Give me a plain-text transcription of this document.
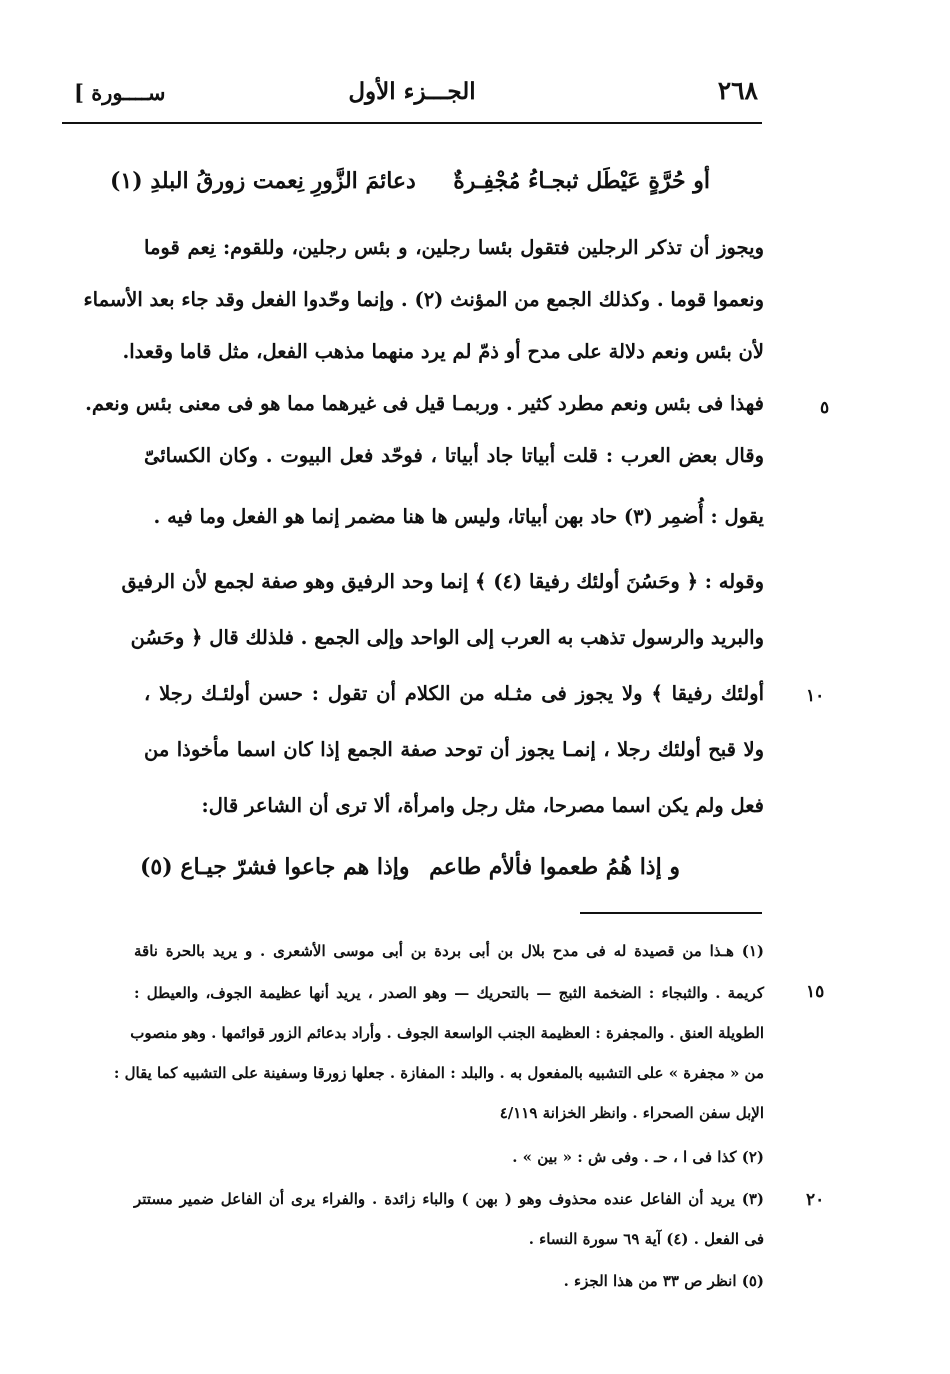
٢٦٨
الجـــزء الأول
[ ســــورة
أو حُرَّةٍ عَيْطَل ثبجـاءُ مُجْفِـرةٌ
دعائمَ الزَّورِ نِعمت زورقُ البلدِ (١)
ويجوز أن تذكر الرجلين فتقول بئسا رجلين، و بئس رجلين، وللقوم: نِعم قوما
ونعموا قوما . وكذلك الجمع من المؤنث (٢) . وإنما وحّدوا الفعل وقد جاء بعد الأسماء
لأن بئس ونعم دلالة على مدح أو ذمّ لم يرد منهما مذهب الفعل، مثل قاما وقعدا.
فهذا فى بئس ونعم مطرد كثير . وربمـا قيل فى غيرهما مما هو فى معنى بئس ونعم.
وقال بعض العرب : قلت أبياتا جاد أبياتا ، فوحّد فعل البيوت . وكان الكسائىّ
يقول : أُضمِر (٣) حاد بهن أبياتا، وليس ها هنا مضمر إنما هو الفعل وما فيه .
وقوله : ﴿ وحَسُنَ أولئك رفيقا (٤) ﴾ إنما وحد الرفيق وهو صفة لجمع لأن الرفيق
والبريد والرسول تذهب به العرب إلى الواحد وإلى الجمع . فلذلك قال ﴿ وحَسُن
أولئك رفيقا ﴾ ولا يجوز فى مثـله من الكلام أن تقول : حسن أولئـك رجلا ،
ولا قبح أولئك رجلا ، إنمـا يجوز أن توحد صفة الجمع إذا كان اسما مأخوذا من
فعل ولم يكن اسما مصرحا، مثل رجل وامرأة، ألا ترى أن الشاعر قال:
و إذا هُمُ طعموا فألأم طاعم
وإذا هم جاعوا فشرّ جيـاع (٥)
٥
١٠
١٥
٢٠
(١) هـذا من قصيدة له فى مدح بلال بن أبى بردة بن أبى موسى الأشعرى . و يريد بالحرة ناقة
كريمة . والثبجاء : الضخمة الثبج — بالتحريك — وهو الصدر ، يريد أنها عظيمة الجوف، والعيطل :
الطويلة العنق . والمجفرة : العظيمة الجنب الواسعة الجوف . وأراد بدعائم الزور قوائمها . وهو منصوب
من « مجفرة » على التشبيه بالمفعول به . والبلد : المفازة . جعلها زورقا وسفينة على التشبيه كما يقال :
الإبل سفن الصحراء . وانظر الخزانة ٤/١١٩
(٢) كذا فى ا ، حـ . وفى ش : « بين » .
(٣) يريد أن الفاعل عنده محذوف وهو ( بهن ) والباء زائدة . والفراء يرى أن الفاعل ضمير مستتر
فى الفعل . (٤) آية ٦٩ سورة النساء .
(٥) انظر ص ٣٣ من هذا الجزء .
